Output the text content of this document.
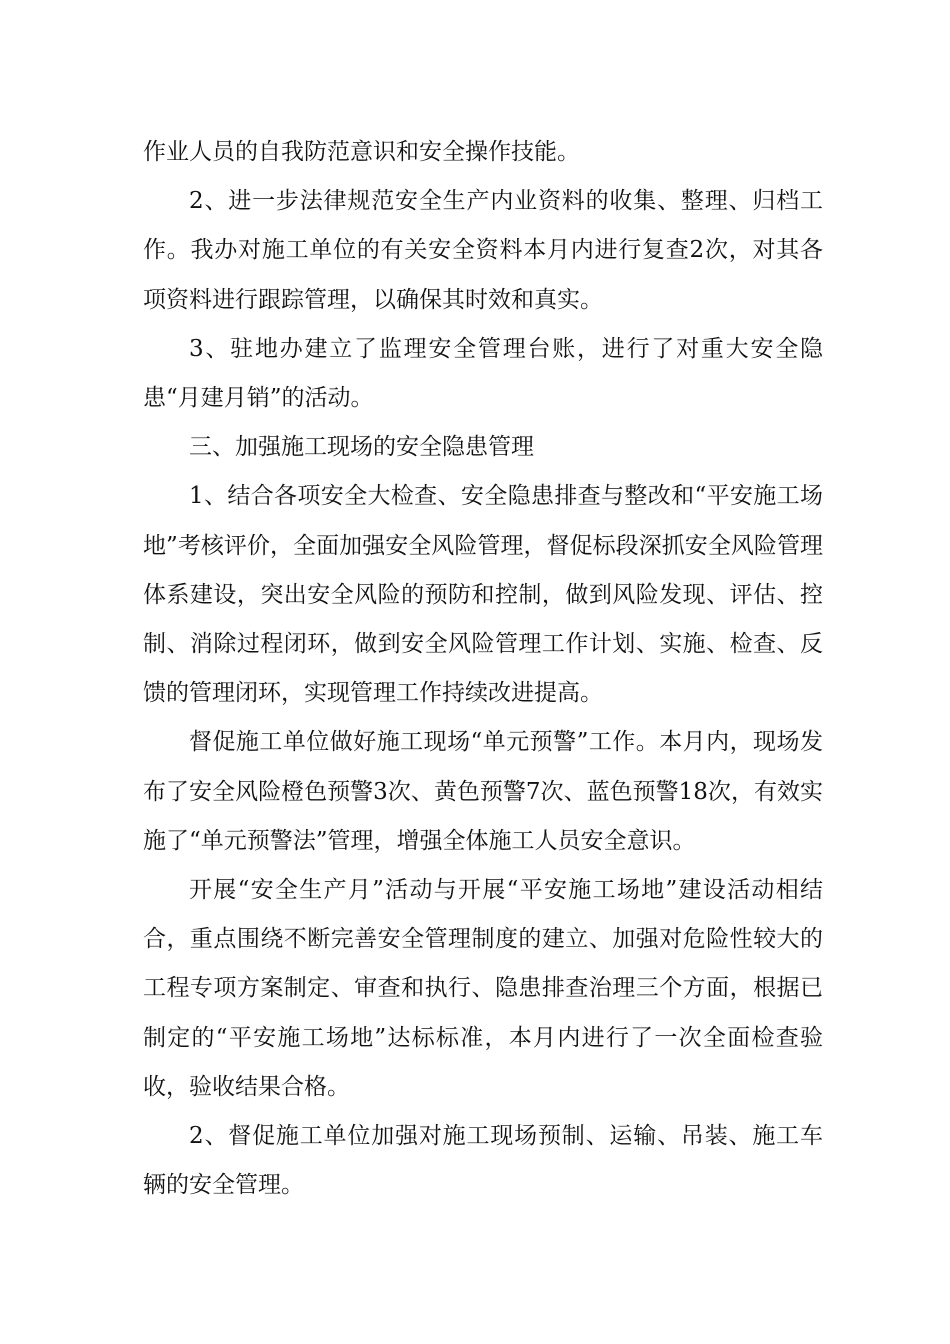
作业人员的自我防范意识和安全操作技能。

2、进一步法律规范安全生产内业资料的收集、整理、归档工作。我办对施工单位的有关安全资料本月内进行复查2次，对其各项资料进行跟踪管理，以确保其时效和真实。

3、驻地办建立了监理安全管理台账，进行了对重大安全隐患“月建月销”的活动。

三、加强施工现场的安全隐患管理

1、结合各项安全大检查、安全隐患排查与整改和“平安施工场地”考核评价，全面加强安全风险管理，督促标段深抓安全风险管理体系建设，突出安全风险的预防和控制，做到风险发现、评估、控制、消除过程闭环，做到安全风险管理工作计划、实施、检查、反馈的管理闭环，实现管理工作持续改进提高。

督促施工单位做好施工现场“单元预警”工作。本月内，现场发布了安全风险橙色预警3次、黄色预警7次、蓝色预警18次，有效实施了“单元预警法”管理，增强全体施工人员安全意识。

开展“安全生产月”活动与开展“平安施工场地”建设活动相结合，重点围绕不断完善安全管理制度的建立、加强对危险性较大的工程专项方案制定、审查和执行、隐患排查治理三个方面，根据已制定的“平安施工场地”达标标准，本月内进行了一次全面检查验收，验收结果合格。

2、督促施工单位加强对施工现场预制、运输、吊装、施工车辆的安全管理。
